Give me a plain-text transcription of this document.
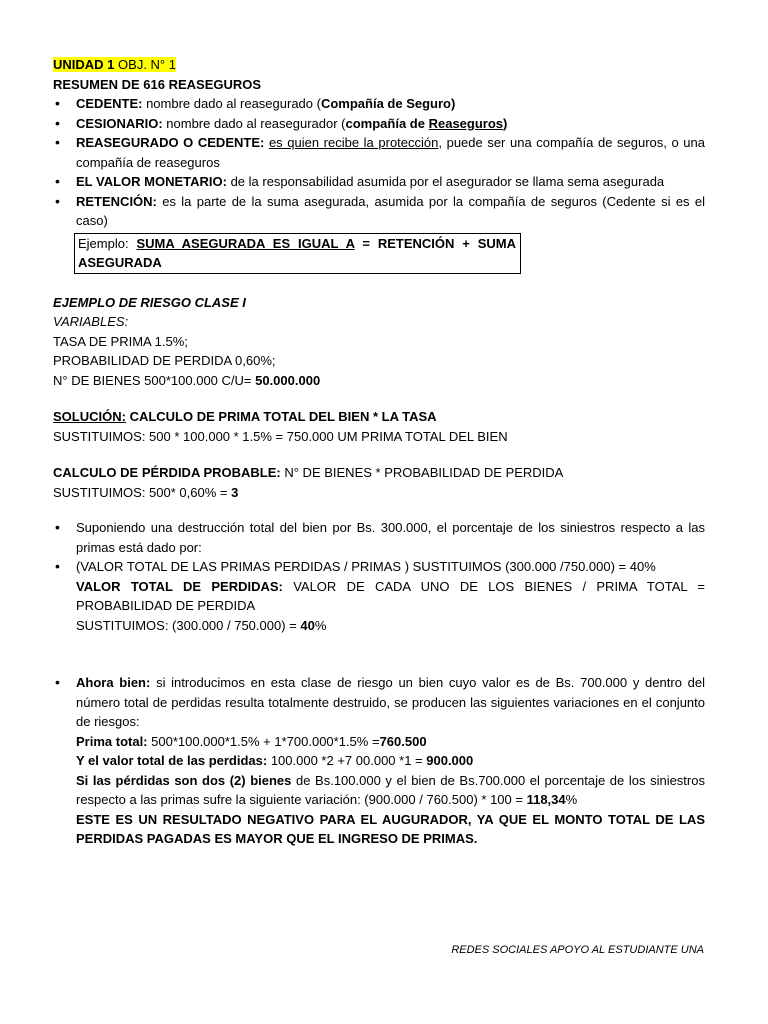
UNIDAD 1 OBJ. N° 1

RESUMEN DE 616 REASEGUROS

• CEDENTE: nombre dado al reasegurado (Compañía de Seguro)
• CESIONARIO: nombre dado al reasegurador (compañía de Reaseguros)
• REASEGURADO O CEDENTE: es quien recibe la protección, puede ser una compañía de seguros, o una compañía de reaseguros
• EL VALOR MONETARIO: de la responsabilidad asumida por el asegurador se llama sema asegurada
• RETENCIÓN: es la parte de la suma asegurada, asumida por la compañía de seguros (Cedente si es el caso)
Ejemplo: SUMA ASEGURADA ES IGUAL A = RETENCIÓN + SUMA ASEGURADA

EJEMPLO DE RIESGO CLASE I

VARIABLES:

TASA DE PRIMA 1.5%;

PROBABILIDAD DE PERDIDA 0,60%;

N° DE BIENES 500*100.000 C/U= 50.000.000

SOLUCIÓN: CALCULO DE PRIMA TOTAL DEL BIEN * LA TASA

SUSTITUIMOS: 500 * 100.000 * 1.5% = 750.000 UM PRIMA TOTAL DEL BIEN

CALCULO DE PÉRDIDA PROBABLE: N° DE BIENES * PROBABILIDAD DE PERDIDA

SUSTITUIMOS: 500* 0,60% = 3

• Suponiendo una destrucción total del bien por Bs. 300.000, el porcentaje de los siniestros respecto a las primas está dado por:
• (VALOR TOTAL DE LAS PRIMAS PERDIDAS / PRIMAS ) SUSTITUIMOS (300.000 /750.000) = 40%

VALOR TOTAL DE PERDIDAS: VALOR DE CADA UNO DE LOS BIENES / PRIMA TOTAL = PROBABILIDAD DE PERDIDA

SUSTITUIMOS: (300.000 / 750.000) = 40%

• Ahora bien: si introducimos en esta clase de riesgo un bien cuyo valor es de Bs. 700.000 y dentro del número total de perdidas resulta totalmente destruido, se producen las siguientes variaciones en el conjunto de riesgos:

Prima total: 500*100.000*1.5% + 1*700.000*1.5% =760.500

Y el valor total de las perdidas: 100.000 *2 +7 00.000 *1 = 900.000

Si las pérdidas son dos (2) bienes de Bs.100.000 y el bien de Bs.700.000 el porcentaje de los siniestros respecto a las primas sufre la siguiente variación: (900.000 / 760.500) * 100 = 118,34%

ESTE ES UN RESULTADO NEGATIVO PARA EL AUGURADOR, YA QUE EL MONTO TOTAL DE LAS PERDIDAS PAGADAS ES MAYOR QUE EL INGRESO DE PRIMAS.

REDES SOCIALES APOYO AL ESTUDIANTE UNA
